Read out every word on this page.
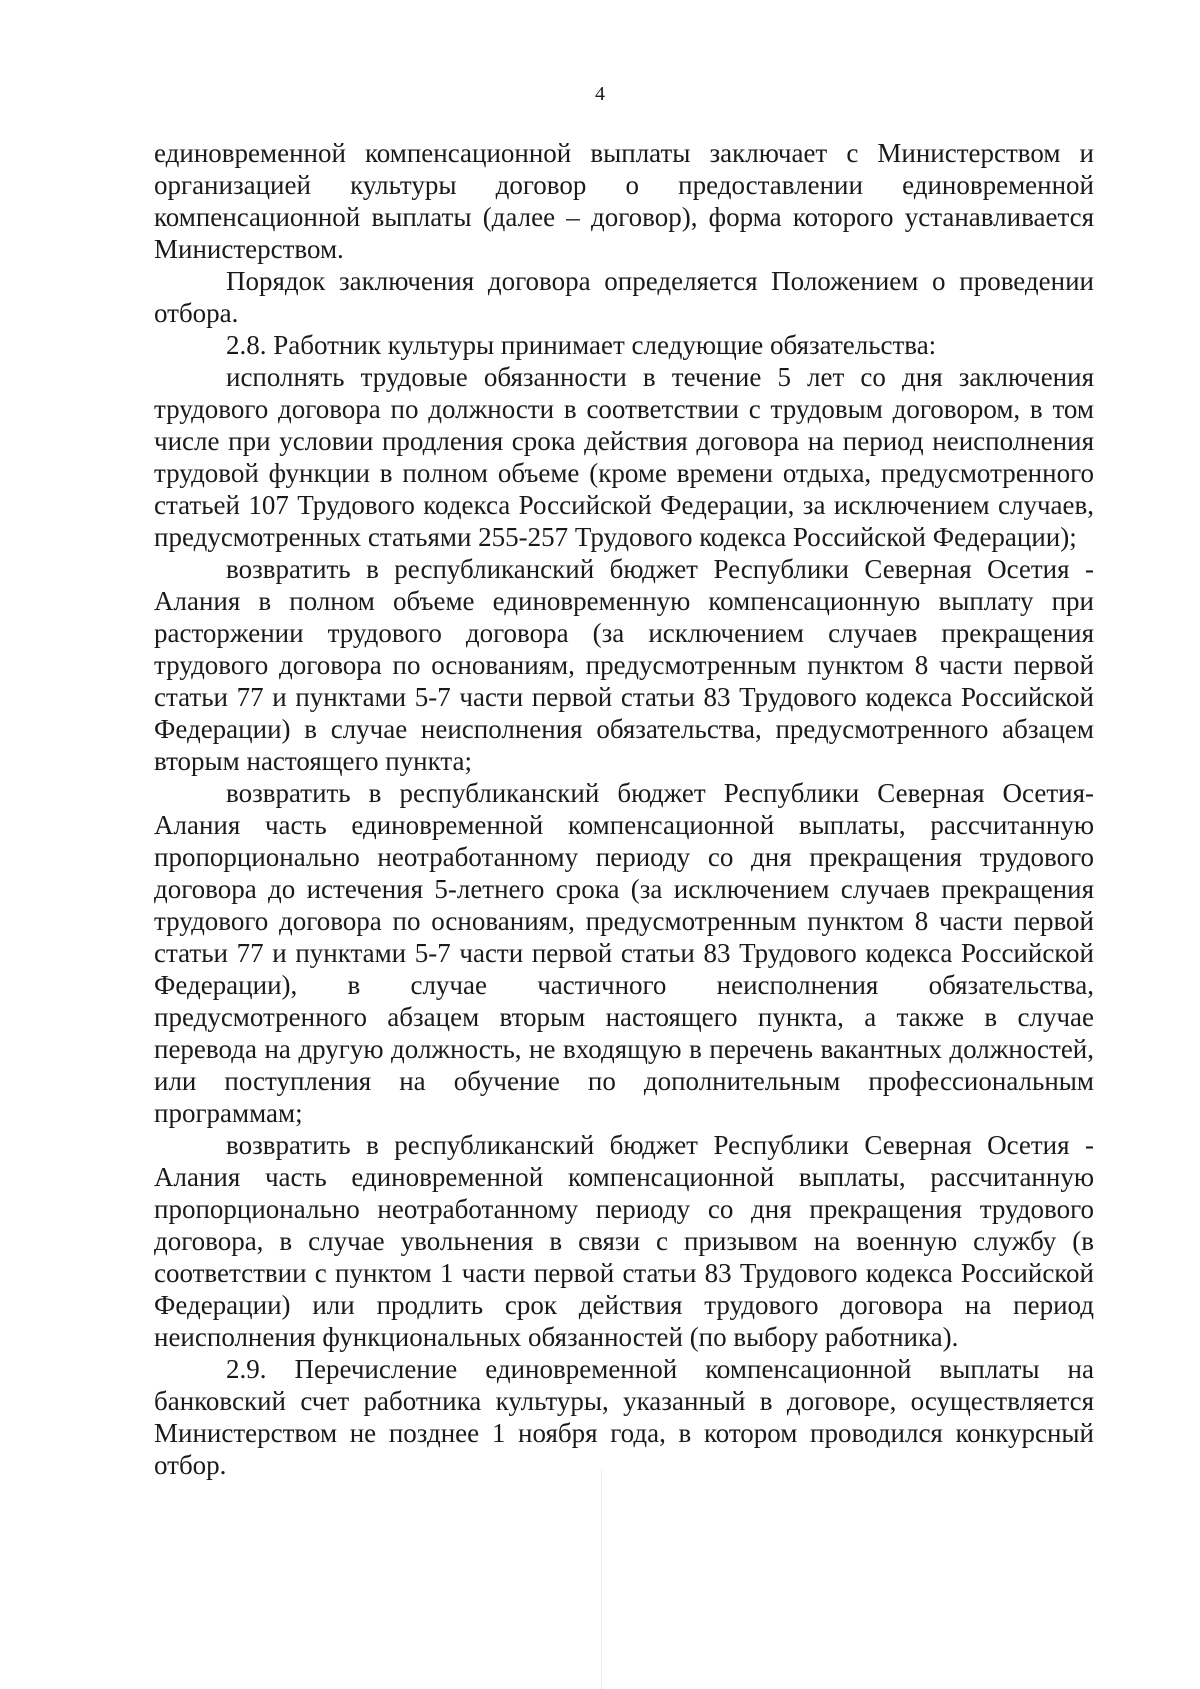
4

единовременной компенсационной выплаты заключает с Министерством и организацией культуры договор о предоставлении единовременной компенсационной выплаты (далее – договор), форма которого устанавливается Министерством.

Порядок заключения договора определяется Положением о проведении отбора.

2.8. Работник культуры принимает следующие обязательства:

исполнять трудовые обязанности в течение 5 лет со дня заключения трудового договора по должности в соответствии с трудовым договором, в том числе при условии продления срока действия договора на период неисполнения трудовой функции в полном объеме (кроме времени отдыха, предусмотренного статьей 107 Трудового кодекса Российской Федерации, за исключением случаев, предусмотренных статьями 255-257 Трудового кодекса Российской Федерации);

возвратить в республиканский бюджет Республики Северная Осетия - Алания в полном объеме единовременную компенсационную выплату при расторжении трудового договора (за исключением случаев прекращения трудового договора по основаниям, предусмотренным пунктом 8 части первой статьи 77 и пунктами 5-7 части первой статьи 83 Трудового кодекса Российской Федерации) в случае неисполнения обязательства, предусмотренного абзацем вторым настоящего пункта;

возвратить в республиканский бюджет Республики Северная Осетия-Алания часть единовременной компенсационной выплаты, рассчитанную пропорционально неотработанному периоду со дня прекращения трудового договора до истечения 5-летнего срока (за исключением случаев прекращения трудового договора по основаниям, предусмотренным пунктом 8 части первой статьи 77 и пунктами 5-7 части первой статьи 83 Трудового кодекса Российской Федерации), в случае частичного неисполнения обязательства, предусмотренного абзацем вторым настоящего пункта, а также в случае перевода на другую должность, не входящую в перечень вакантных должностей, или поступления на обучение по дополнительным профессиональным программам;

возвратить в республиканский бюджет Республики Северная Осетия - Алания часть единовременной компенсационной выплаты, рассчитанную пропорционально неотработанному периоду со дня прекращения трудового договора, в случае увольнения в связи с призывом на военную службу (в соответствии с пунктом 1 части первой статьи 83 Трудового кодекса Российской Федерации) или продлить срок действия трудового договора на период неисполнения функциональных обязанностей (по выбору работника).

2.9. Перечисление единовременной компенсационной выплаты на банковский счет работника культуры, указанный в договоре, осуществляется Министерством не позднее 1 ноября года, в котором проводился конкурсный отбор.
